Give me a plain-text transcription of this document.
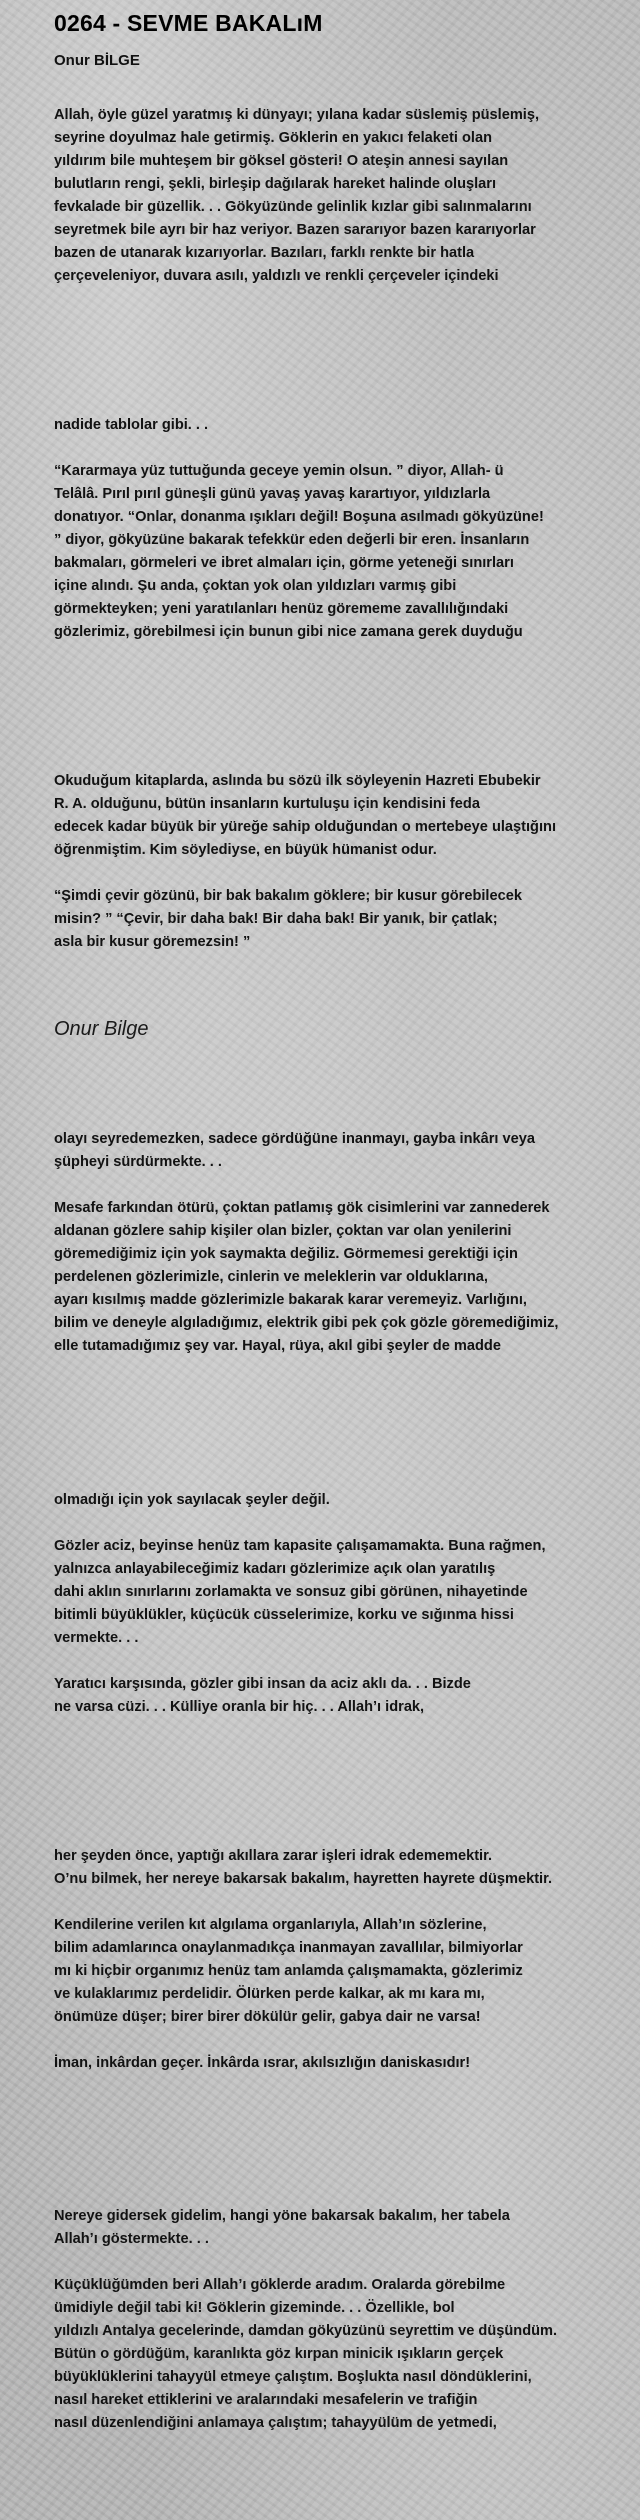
0264 - SEVME BAKALıM
Onur BİLGE

Allah, öyle güzel yaratmış ki dünyayı; yılana kadar süslemiş püslemiş,
seyrine doyulmaz hale getirmiş. Göklerin en yakıcı felaketi olan
yıldırım bile muhteşem bir göksel gösteri! O ateşin annesi sayılan
bulutların rengi, şekli, birleşip dağılarak hareket halinde oluşları
fevkalade bir güzellik. . . Gökyüzünde gelinlik kızlar gibi salınmalarını
seyretmek bile ayrı bir haz veriyor. Bazen sararıyor bazen kararıyorlar
bazen de utanarak kızarıyorlar. Bazıları, farklı renkte bir hatla
çerçeveleniyor, duvara asılı, yaldızlı ve renkli çerçeveler içindeki

nadide tablolar gibi. . .

“Kararmaya yüz tuttuğunda geceye yemin olsun. ” diyor, Allah- ü
Telâlâ. Pırıl pırıl güneşli günü yavaş yavaş karartıyor, yıldızlarla
donatıyor. “Onlar, donanma ışıkları değil! Boşuna asılmadı gökyüzüne!
” diyor, gökyüzüne bakarak tefekkür eden değerli bir eren. İnsanların
bakmaları, görmeleri ve ibret almaları için, görme yeteneği sınırları
içine alındı. Şu anda, çoktan yok olan yıldızları varmış gibi
görmekteyken; yeni yaratılanları henüz görememe zavallılığındaki
gözlerimiz, görebilmesi için bunun gibi nice zamana gerek duyduğu

Okuduğum kitaplarda, aslında bu sözü ilk söyleyenin Hazreti Ebubekir
R. A. olduğunu, bütün insanların kurtuluşu için kendisini feda
edecek kadar büyük bir yüreğe sahip olduğundan o mertebeye ulaştığını
öğrenmiştim. Kim söylediyse, en büyük hümanist odur.

“Şimdi çevir gözünü, bir bak bakalım göklere; bir kusur görebilecek
misin? ” “Çevir, bir daha bak! Bir daha bak! Bir yanık, bir çatlak;
asla bir kusur göremezsin! ”

Onur Bilge

olayı seyredemezken, sadece gördüğüne inanmayı, gayba inkârı veya
şüpheyi sürdürmekte. . .

Mesafe farkından ötürü, çoktan patlamış gök cisimlerini var zannederek
aldanan gözlere sahip kişiler olan bizler, çoktan var olan yenilerini
göremediğimiz için yok saymakta değiliz. Görmemesi gerektiği için
perdelenen gözlerimizle, cinlerin ve meleklerin var olduklarına,
ayarı kısılmış madde gözlerimizle bakarak karar veremeyiz. Varlığını,
bilim ve deneyle algıladığımız, elektrik gibi pek çok gözle göremediğimiz,
elle tutamadığımız şey var. Hayal, rüya, akıl gibi şeyler de madde

olmadığı için yok sayılacak şeyler değil.

Gözler aciz, beyinse henüz tam kapasite çalışamamakta. Buna rağmen,
yalnızca anlayabileceğimiz kadarı gözlerimize açık olan yaratılış
dahi aklın sınırlarını zorlamakta ve sonsuz gibi görünen, nihayetinde
bitimli büyüklükler, küçücük cüsselerimize, korku ve sığınma hissi
vermekte. . .

Yaratıcı karşısında, gözler gibi insan da aciz aklı da. . . Bizde
ne varsa cüzi. . . Külliye oranla bir hiç. . . Allah’ı idrak,

her şeyden önce, yaptığı akıllara zarar işleri idrak edememektir.
O’nu bilmek, her nereye bakarsak bakalım, hayretten hayrete düşmektir.

Kendilerine verilen kıt algılama organlarıyla, Allah’ın sözlerine,
bilim adamlarınca onaylanmadıkça inanmayan zavallılar, bilmiyorlar
mı ki hiçbir organımız henüz tam anlamda çalışmamakta, gözlerimiz
ve kulaklarımız perdelidir. Ölürken perde kalkar, ak mı kara mı,
önümüze düşer; birer birer dökülür gelir, gabya dair ne varsa!

İman, inkârdan geçer. İnkârda ısrar, akılsızlığın daniskasıdır!

Nereye gidersek gidelim, hangi yöne bakarsak bakalım, her tabela
Allah’ı göstermekte. . .

Küçüklüğümden beri Allah’ı göklerde aradım. Oralarda görebilme
ümidiyle değil tabi ki! Göklerin gizeminde. . . Özellikle, bol
yıldızlı Antalya gecelerinde, damdan gökyüzünü seyrettim ve düşündüm.
Bütün o gördüğüm, karanlıkta göz kırpan minicik ışıkların gerçek
büyüklüklerini tahayyül etmeye çalıştım. Boşlukta nasıl döndüklerini,
nasıl hareket ettiklerini ve aralarındaki mesafelerin ve trafiğin
nasıl düzenlendiğini anlamaya çalıştım; tahayyülüm de yetmedi,
